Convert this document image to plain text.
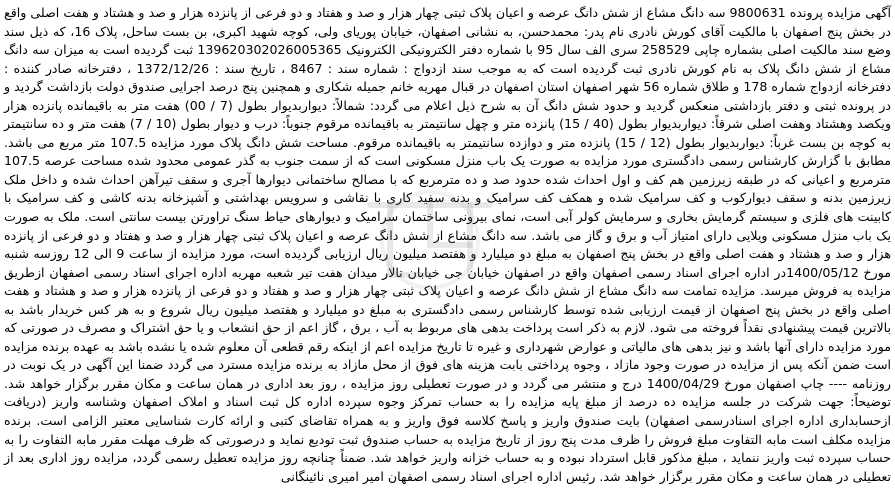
آگهی مزایده پرونده 9800631 سه دانگ مشاع از شش دانگ عرصه و اعیان پلاک ثبتی چهار هزار و صد و هفتاد و دو فرعی از پانزده هزار و صد و هشتاد و هفت اصلی واقع در بخش پنج اصفهان با مالکیت آقای کورش نادری نام پدر: محمدحسن، به نشانی اصفهان، خیابان پوریای ولی، کوچه شهید اکبری، بن بست ساحل، پلاک 16، که ذیل سند وضع سند مالکیت اصلی بشماره چاپی 258529 سری الف سال 95 با شماره دفتر الکترونیکی الکترونیک 139620302026005365 ثبت گردیده است به میزان سه دانگ مشاع از شش دانگ پلاک به نام کورش نادری ثبت گردیده است که به موجب سند ازدواج : شماره سند : 8467 ، تاریخ سند : 1372/12/26 ، دفترخانه صادر کننده : دفترخانه ازدواج شماره 178 و طلاق شماره 56 شهر اصفهان استان اصفهان در قبال مهریه خانم جمیله شکاری و همچنین پنج درصد اجرایی صندوق دولت بازداشت گردید و در پرونده ثبتی و دفتر بازداشتی منعکس گردید و حدود شش دانگ آن به شرح ذیل اعلام می گردد: شمالاً: دیواربدیوار بطول (7 / 00) هفت متر به باقیمانده پانزده هزار ویکصد وهشتاد وهفت اصلی شرقاً: دیواربدیوار بطول (40 / 15) پانزده متر و چهل سانتیمتر به باقیمانده مرقوم جنوباً: درب و دیوار بطول (10 / 7) هفت متر و ده سانتیمتر به کوچه بن بست غرباً: دیواربدیوار بطول (12 / 15) پانزده متر و دوازده سانتیمتر به باقیمانده مرقوم. مساحت شش دانگ پلاک مورد مزایده 107.5 متر مربع می باشد. مطابق با گزارش کارشناس رسمی دادگستری مورد مزایده به صورت یک باب منزل مسکونی است که از سمت جنوب به گذر عمومی محدود شده مساحت عرصه 107.5 مترمربع و اعیانی که در طبقه زیرزمین هم کف و اول احداث شده حدود صد و ده مترمربع که با مصالح ساختمانی دیوارها آجری و سقف تیرآهن احداث شده و داخل ملک زیرزمین بدنه و سقف دیوارکوب و کف سرامیک شده و همکف کف سرامیک و بدنه سفید کاری با نقاشی و سرویس بهداشتی و آشپزخانه بدنه کاشی و کف سرامیک با کابینت های فلزی و سیستم گرمایش بخاری و سرمایش کولر آبی است، نمای بیرونی ساختمان سرامیک و دیوارهای حیاط سنگ تراورتن بیست سانتی است. ملک به صورت یک باب منزل مسکونی ویلایی دارای امتیاز آب و برق و گاز می باشد. سه دانگ مشاع از شش دانگ عرصه و اعیان پلاک ثبتی چهار هزار و صد و هفتاد و دو فرعی از پانزده هزار و صد و هشتاد و هفت اصلی واقع در بخش پنج اصفهان به مبلغ دو میلیارد و هفتصد میلیون ریال ارزیابی گردیده است، مورد مزایده از ساعت 9 الی 12 روزسه شنبه مورخ 1400/05/12در اداره اجرای اسناد رسمی اصفهان واقع در اصفهان خیابان جی خیابان تالار میدان هفت تیر شعبه مهریه اداره اجرای اسناد رسمی اصفهان ازطریق مزایده به فروش میرسد. مزایده تمامت سه دانگ مشاع از شش دانگ عرصه و اعیان پلاک ثبتی چهار هزار و صد و هفتاد و دو فرعی از پانزده هزار و صد و هشتاد و هفت اصلی واقع در بخش پنج اصفهان از قیمت ارزیابی شده توسط کارشناس رسمی دادگستری به مبلغ دو میلیارد و هفتصد میلیون ریال شروع و به هر کس خریدار باشد به بالاترین قیمت پیشنهادی نقداً فروخته می شود. لازم به ذکر است پرداخت بدهی های مربوط به آب ، برق ، گاز اعم از حق انشعاب و یا حق اشتراک و مصرف در صورتی که مورد مزایده دارای آنها باشد و نیز بدهی های مالیاتی و عوارض شهرداری و غیره تا تاریخ مزایده اعم از اینکه رقم قطعی آن معلوم شده یا نشده باشد به عهده برنده مزایده است ضمن آنکه پس از مزایده در صورت وجود مازاد ، وجوه پرداختی بابت هزینه های فوق از محل مازاد به برنده مزایده مسترد می گردد ضمنا این آگهی در یک نوبت در روزنامه ---- چاپ اصفهان مورخ 1400/04/29 درج و منتشر می گردد و در صورت تعطیلی روز مزایده ، روز بعد اداری در همان ساعت و مکان مقرر برگزار خواهد شد. توضیحاً: جهت شرکت در جلسه مزایده ده درصد از مبلغ پایه مزایده را به حساب تمرکز وجوه سپرده اداره کل ثبت اسناد و املاک اصفهان وشناسه واریز (دریافت ازحسابداری اداره اجرای اسنادرسمی اصفهان) بایت صندوق واریز و پاسخ کلاسه فوق واریز و به همراه تقاضای کتبی و ارائه کارت شناسایی معتبر الزامی است. برنده مزایده مکلف است مابه التفاوت مبلغ فروش را ظرف مدت پنج روز از تاریخ مزایده به حساب صندوق ثبت تودیع نماید و درصورتی که ظرف مهلت مقرر مابه التفاوت را به حساب سپرده ثبت واریز ننماید ، مبلغ مذکور قابل استرداد نبوده و به حساب خزانه واریز خواهد شد. ضمناً چنانچه روز مزایده تعطیل رسمی گردد، مزایده روز اداری بعد از تعطیلی در همان ساعت و مکان مقرر برگزار خواهد شد. رئیس اداره اجرای اسناد رسمی اصفهان امیر امیری نائینگانی
